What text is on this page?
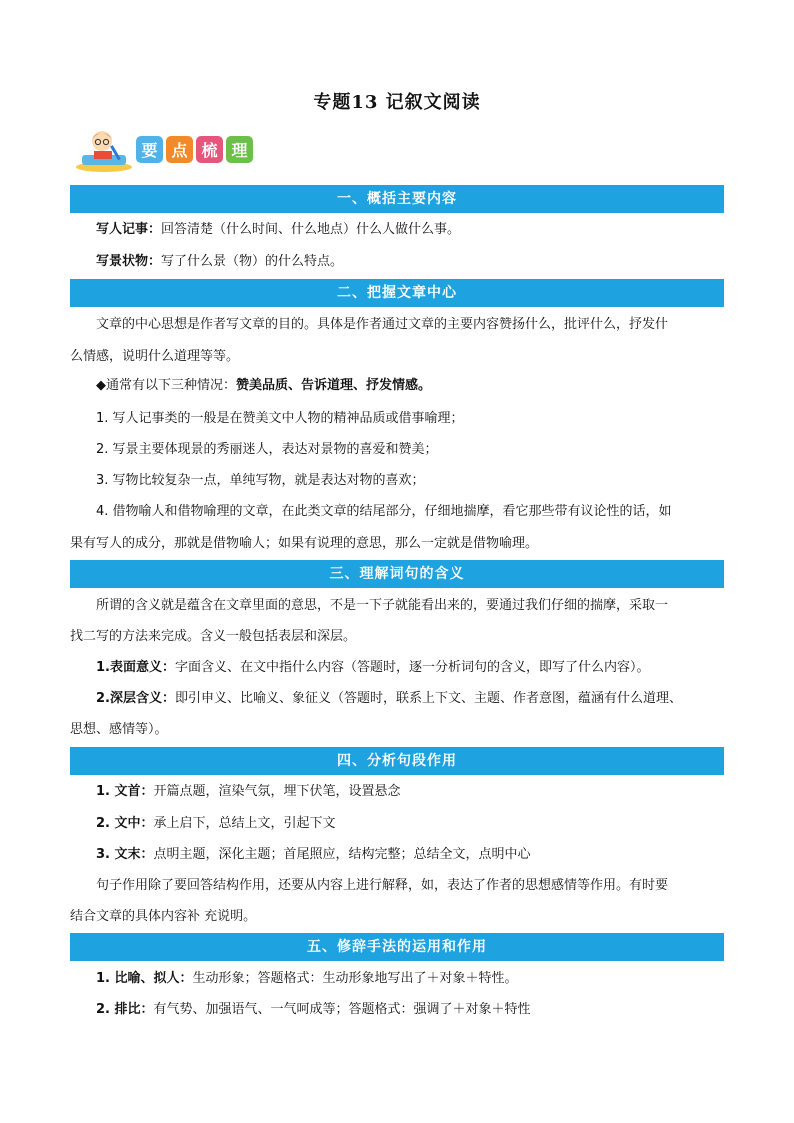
专题13 记叙文阅读
要 点 梳 理
一、概括主要内容
写人记事：回答清楚（什么时间、什么地点）什么人做什么事。
写景状物：写了什么景（物）的什么特点。
二、把握文章中心
文章的中心思想是作者写文章的目的。具体是作者通过文章的主要内容赞扬什么，批评什么，抒发什
么情感，说明什么道理等等。
◆通常有以下三种情况：赞美品质、告诉道理、抒发情感。
1. 写人记事类的一般是在赞美文中人物的精神品质或借事喻理；
2. 写景主要体现景的秀丽迷人，表达对景物的喜爱和赞美；
3. 写物比较复杂一点，单纯写物，就是表达对物的喜欢；
4. 借物喻人和借物喻理的文章，在此类文章的结尾部分，仔细地揣摩，看它那些带有议论性的话，如
果有写人的成分，那就是借物喻人；如果有说理的意思，那么一定就是借物喻理。
三、理解词句的含义
所谓的含义就是蕴含在文章里面的意思，不是一下子就能看出来的，要通过我们仔细的揣摩，采取一
找二写的方法来完成。含义一般包括表层和深层。
1.表面意义：字面含义、在文中指什么内容（答题时，逐一分析词句的含义，即写了什么内容）。
2.深层含义：即引申义、比喻义、象征义（答题时，联系上下文、主题、作者意图，蕴涵有什么道理、
思想、感情等）。
四、分析句段作用
1. 文首：开篇点题，渲染气氛，埋下伏笔，设置悬念
2. 文中：承上启下，总结上文，引起下文
3. 文末：点明主题，深化主题；首尾照应，结构完整；总结全文，点明中心
句子作用除了要回答结构作用，还要从内容上进行解释，如，表达了作者的思想感情等作用。有时要
结合文章的具体内容补 充说明。
五、修辞手法的运用和作用
1. 比喻、拟人：生动形象；答题格式：生动形象地写出了＋对象＋特性。
2. 排比：有气势、加强语气、一气呵成等；答题格式：强调了＋对象＋特性
